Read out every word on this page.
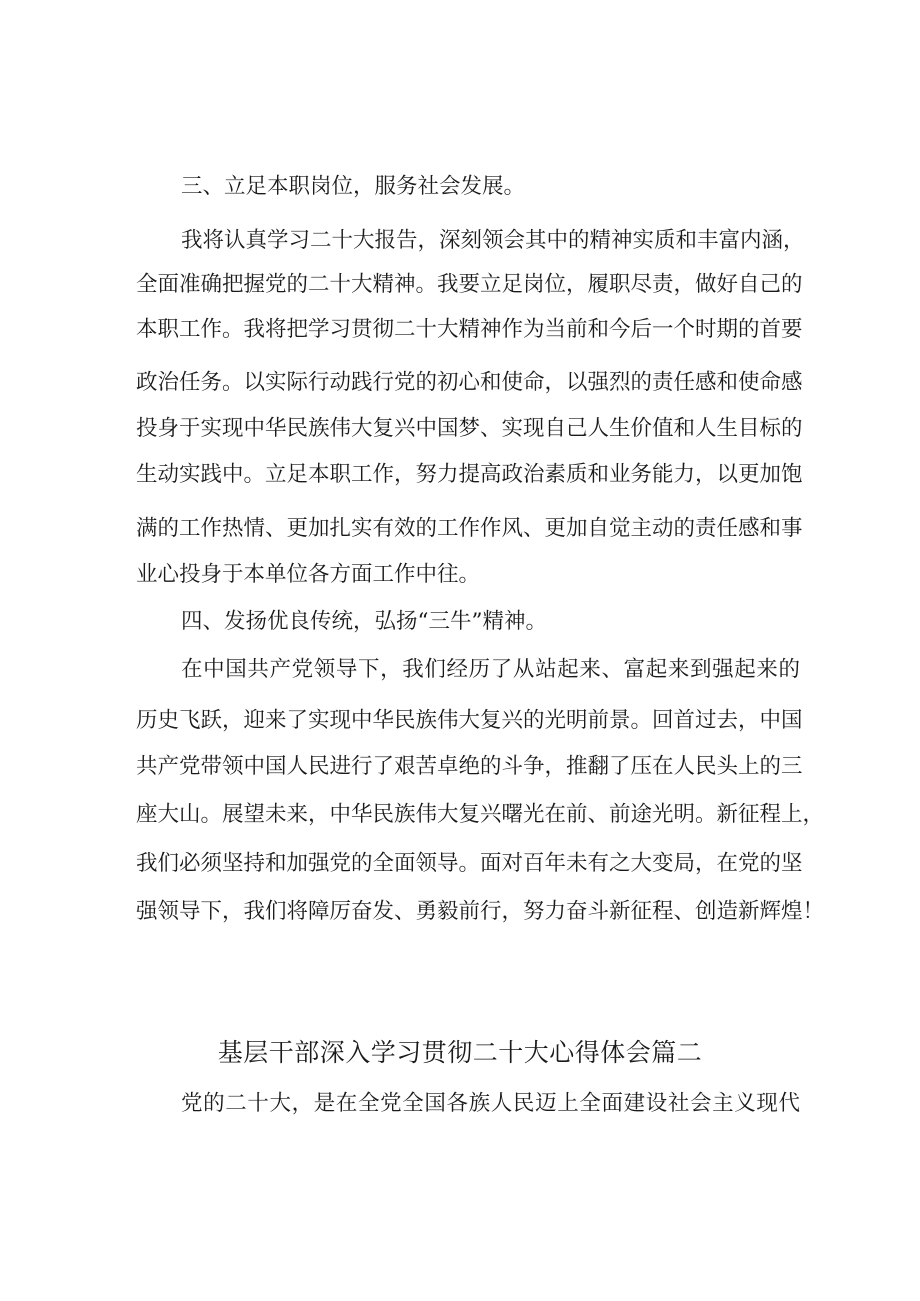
三、立足本职岗位，服务社会发展。
我将认真学习二十大报告，深刻领会其中的精神实质和丰富内涵，
全面准确把握党的二十大精神。我要立足岗位，履职尽责，做好自己的
本职工作。我将把学习贯彻二十大精神作为当前和今后一个时期的首要
政治任务。以实际行动践行党的初心和使命，以强烈的责任感和使命感
投身于实现中华民族伟大复兴中国梦、实现自己人生价值和人生目标的
生动实践中。立足本职工作，努力提高政治素质和业务能力，以更加饱
满的工作热情、更加扎实有效的工作作风、更加自觉主动的责任感和事
业心投身于本单位各方面工作中往。
四、发扬优良传统，弘扬“三牛”精神。
在中国共产党领导下，我们经历了从站起来、富起来到强起来的
历史飞跃，迎来了实现中华民族伟大复兴的光明前景。回首过去，中国
共产党带领中国人民进行了艰苦卓绝的斗争，推翻了压在人民头上的三
座大山。展望未来，中华民族伟大复兴曙光在前、前途光明。新征程上，
我们必须坚持和加强党的全面领导。面对百年未有之大变局，在党的坚
强领导下，我们将障厉奋发、勇毅前行，努力奋斗新征程、创造新辉煌！
基层干部深入学习贯彻二十大心得体会篇二
党的二十大，是在全党全国各族人民迈上全面建设社会主义现代
